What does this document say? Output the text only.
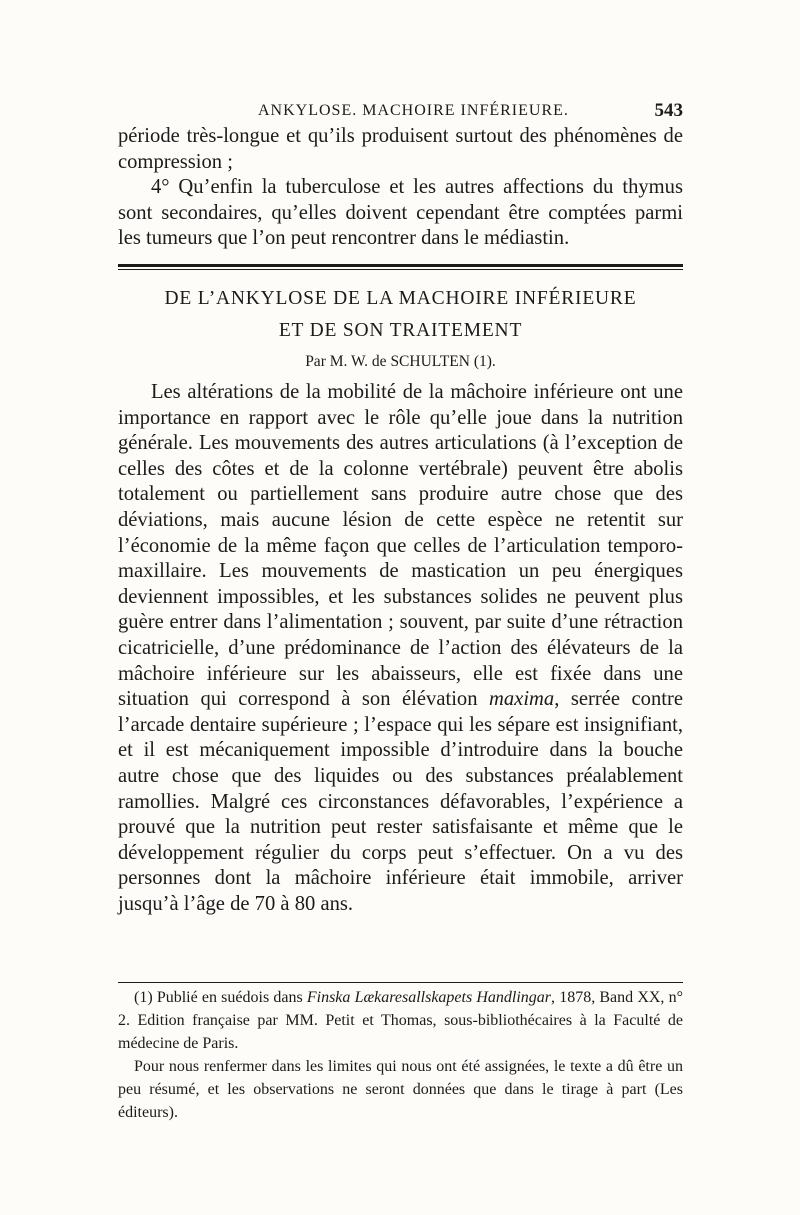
ANKYLOSE. MACHOIRE INFÉRIEURE.	543

période très-longue et qu’ils produisent surtout des phénomènes de compression ;

4° Qu’enfin la tuberculose et les autres affections du thymus sont secondaires, qu’elles doivent cependant être comptées parmi les tumeurs que l’on peut rencontrer dans le médiastin.

DE L’ANKYLOSE DE LA MACHOIRE INFÉRIEURE
ET DE SON TRAITEMENT
Par M. W. de SCHULTEN (1).

Les altérations de la mobilité de la mâchoire inférieure ont une importance en rapport avec le rôle qu’elle joue dans la nutrition générale. Les mouvements des autres articulations (à l’exception de celles des côtes et de la colonne vertébrale) peuvent être abolis totalement ou partiellement sans produire autre chose que des déviations, mais aucune lésion de cette espèce ne retentit sur l’économie de la même façon que celles de l’articulation temporo-maxillaire. Les mouvements de mastication un peu énergiques deviennent impossibles, et les substances solides ne peuvent plus guère entrer dans l’alimentation ; souvent, par suite d’une rétraction cicatricielle, d’une prédominance de l’action des élévateurs de la mâchoire inférieure sur les abaisseurs, elle est fixée dans une situation qui correspond à son élévation maxima, serrée contre l’arcade dentaire supérieure ; l’espace qui les sépare est insignifiant, et il est mécaniquement impossible d’introduire dans la bouche autre chose que des liquides ou des substances préalablement ramollies. Malgré ces circonstances défavorables, l’expérience a prouvé que la nutrition peut rester satisfaisante et même que le développement régulier du corps peut s’effectuer. On a vu des personnes dont la mâchoire inférieure était immobile, arriver jusqu’à l’âge de 70 à 80 ans.

(1) Publié en suédois dans Finska Lækaresallskapets Handlingar, 1878, Band XX, n° 2. Edition française par MM. Petit et Thomas, sous-bibliothécaires à la Faculté de médecine de Paris.

Pour nous renfermer dans les limites qui nous ont été assignées, le texte a dû être un peu résumé, et les observations ne seront données que dans le tirage à part (Les éditeurs).
